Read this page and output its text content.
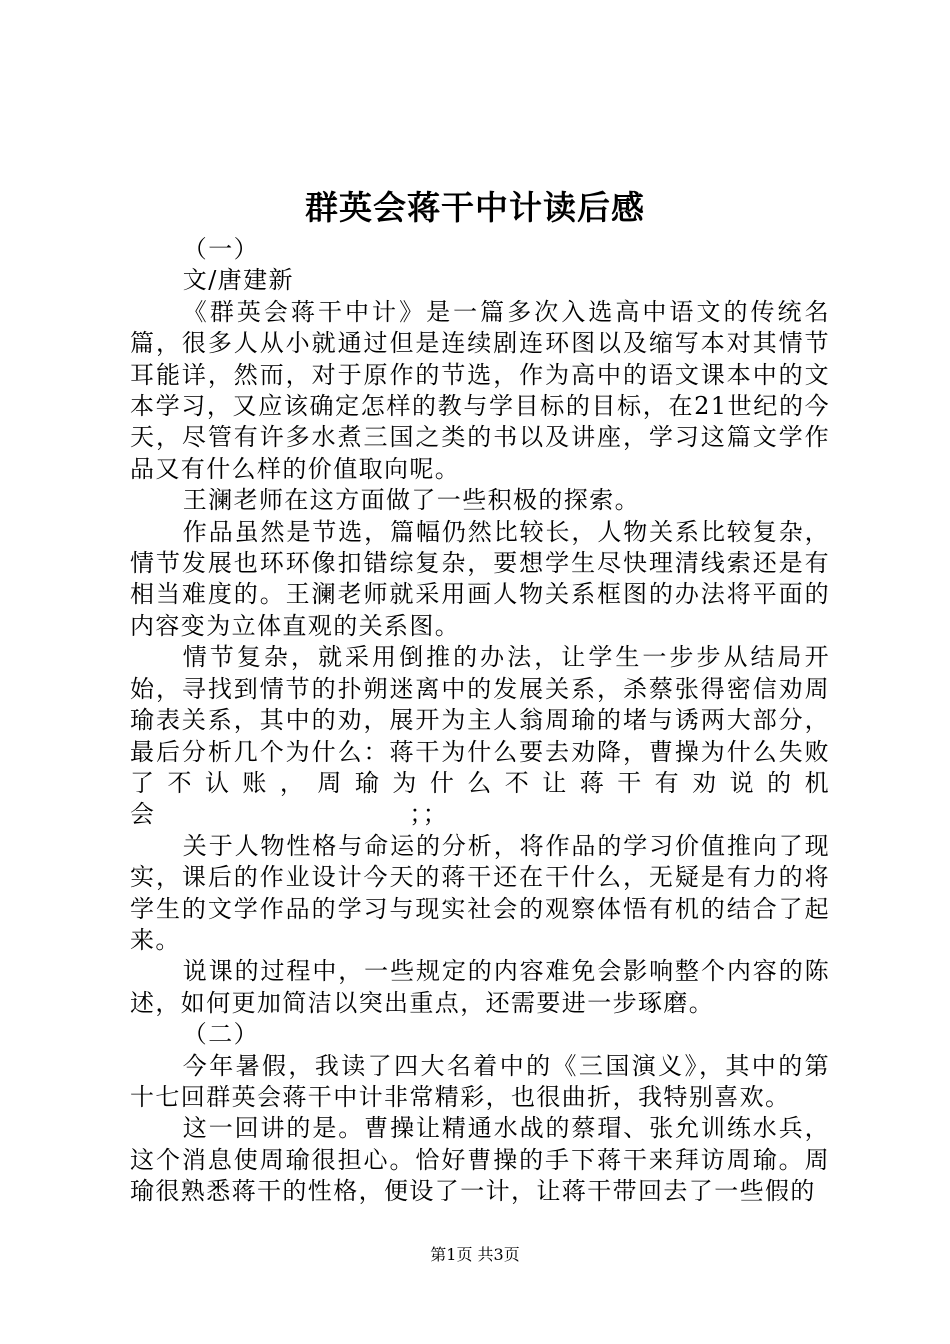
群英会蒋干中计读后感

（一）

文/唐建新

《群英会蒋干中计》是一篇多次入选高中语文的传统名篇，很多人从小就通过但是连续剧连环图以及缩写本对其情节耳能详，然而，对于原作的节选，作为高中的语文课本中的文本学习，又应该确定怎样的教与学目标的目标，在21世纪的今天，尽管有许多水煮三国之类的书以及讲座，学习这篇文学作品又有什么样的价值取向呢。

王澜老师在这方面做了一些积极的探索。

作品虽然是节选，篇幅仍然比较长，人物关系比较复杂，情节发展也环环像扣错综复杂，要想学生尽快理清线索还是有相当难度的。王澜老师就采用画人物关系框图的办法将平面的内容变为立体直观的关系图。

情节复杂，就采用倒推的办法，让学生一步步从结局开始，寻找到情节的扑朔迷离中的发展关系，杀蔡张得密信劝周瑜表关系，其中的劝，展开为主人翁周瑜的堵与诱两大部分，最后分析几个为什么：蒋干为什么要去劝降，曹操为什么失败了不认账，周瑜为什么不让蒋干有劝说的机会　　　　　　　　　　；；

关于人物性格与命运的分析，将作品的学习价值推向了现实，课后的作业设计今天的蒋干还在干什么，无疑是有力的将学生的文学作品的学习与现实社会的观察体悟有机的结合了起来。

说课的过程中，一些规定的内容难免会影响整个内容的陈述，如何更加简洁以突出重点，还需要进一步琢磨。

（二）

今年暑假，我读了四大名着中的《三国演义》，其中的第十七回群英会蒋干中计非常精彩，也很曲折，我特别喜欢。

这一回讲的是。曹操让精通水战的蔡瑁、张允训练水兵，这个消息使周瑜很担心。恰好曹操的手下蒋干来拜访周瑜。周瑜很熟悉蒋干的性格，便设了一计，让蒋干带回去了一些假的

第1页 共3页
